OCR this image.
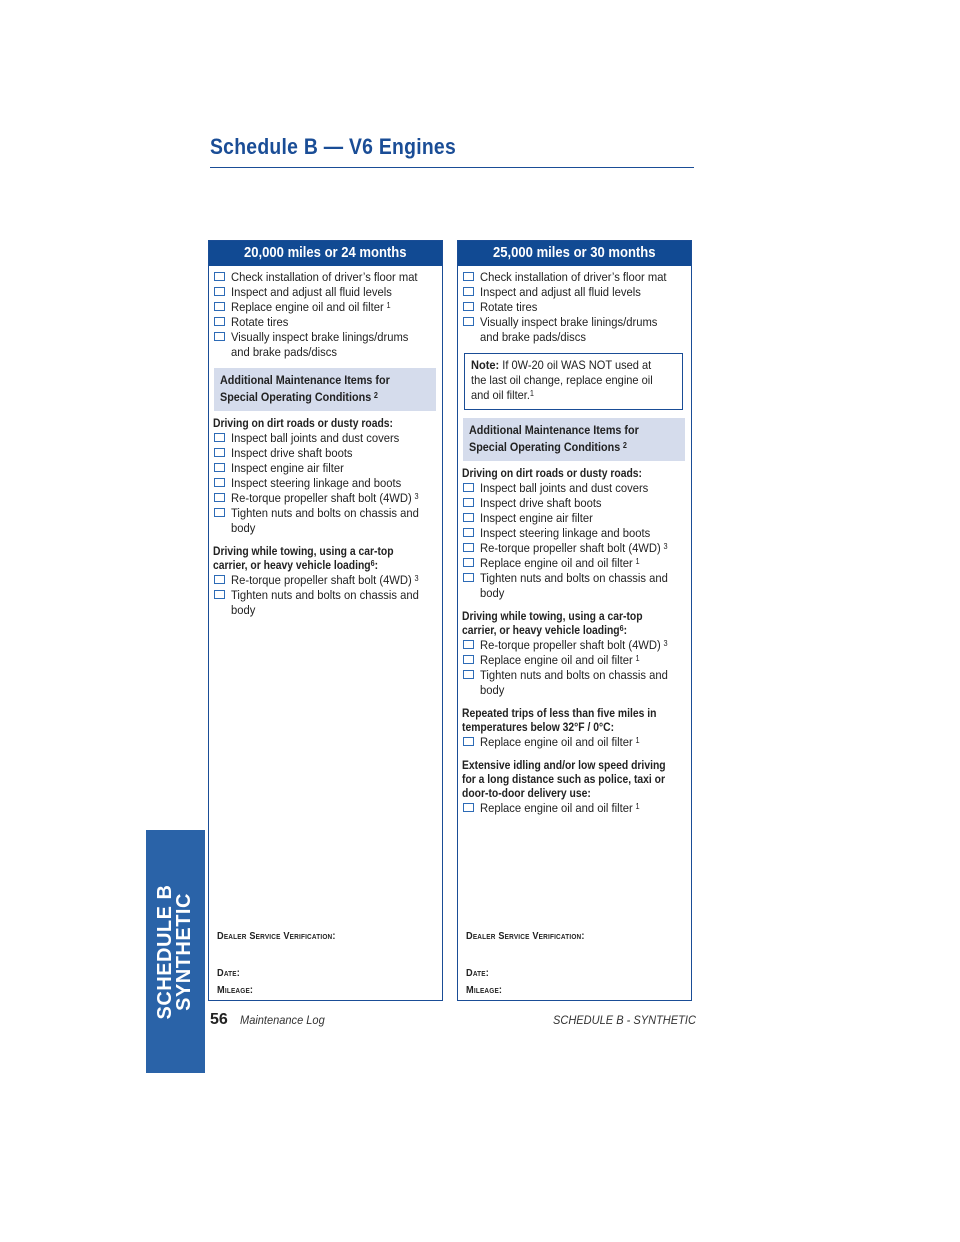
Schedule B — V6 Engines
20,000 miles or 24 months
Check installation of driver’s floor mat
Inspect and adjust all fluid levels
Replace engine oil and oil filter $^1$
Rotate tires
Visually inspect brake linings/drums and brake pads/discs
Additional Maintenance Items for
Special Operating Conditions $^2$
Driving on dirt roads or dusty roads:
Inspect ball joints and dust covers
Inspect drive shaft boots
Inspect engine air filter
Inspect steering linkage and boots
Re-torque propeller shaft bolt (4WD) $^3$
Tighten nuts and bolts on chassis and body
Driving while towing, using a car-top
carrier, or heavy vehicle loading$^6$:
Re-torque propeller shaft bolt (4WD) $^3$
Tighten nuts and bolts on chassis and body
Dealer Service Verification:
Date:
Mileage:
25,000 miles or 30 months
Check installation of driver’s floor mat
Inspect and adjust all fluid levels
Rotate tires
Visually inspect brake linings/drums and brake pads/discs
Note: If 0W-20 oil WAS NOT used at the last oil change, replace engine oil and oil filter.$^1$
Additional Maintenance Items for
Special Operating Conditions $^2$
Driving on dirt roads or dusty roads:
Inspect ball joints and dust covers
Inspect drive shaft boots
Inspect engine air filter
Inspect steering linkage and boots
Re-torque propeller shaft bolt (4WD) $^3$
Replace engine oil and oil filter $^1$
Tighten nuts and bolts on chassis and body
Driving while towing, using a car-top
carrier, or heavy vehicle loading$^6$:
Re-torque propeller shaft bolt (4WD) $^3$
Replace engine oil and oil filter $^1$
Tighten nuts and bolts on chassis and body
Repeated trips of less than five miles in
temperatures below 32°F / 0°C:
Replace engine oil and oil filter $^1$
Extensive idling and/or low speed driving
for a long distance such as police, taxi or
door-to-door delivery use:
Replace engine oil and oil filter $^1$
Dealer Service Verification:
Date:
Mileage:
SCHEDULE B
SYNTHETIC
56 Maintenance Log	SCHEDULE B - SYNTHETIC
